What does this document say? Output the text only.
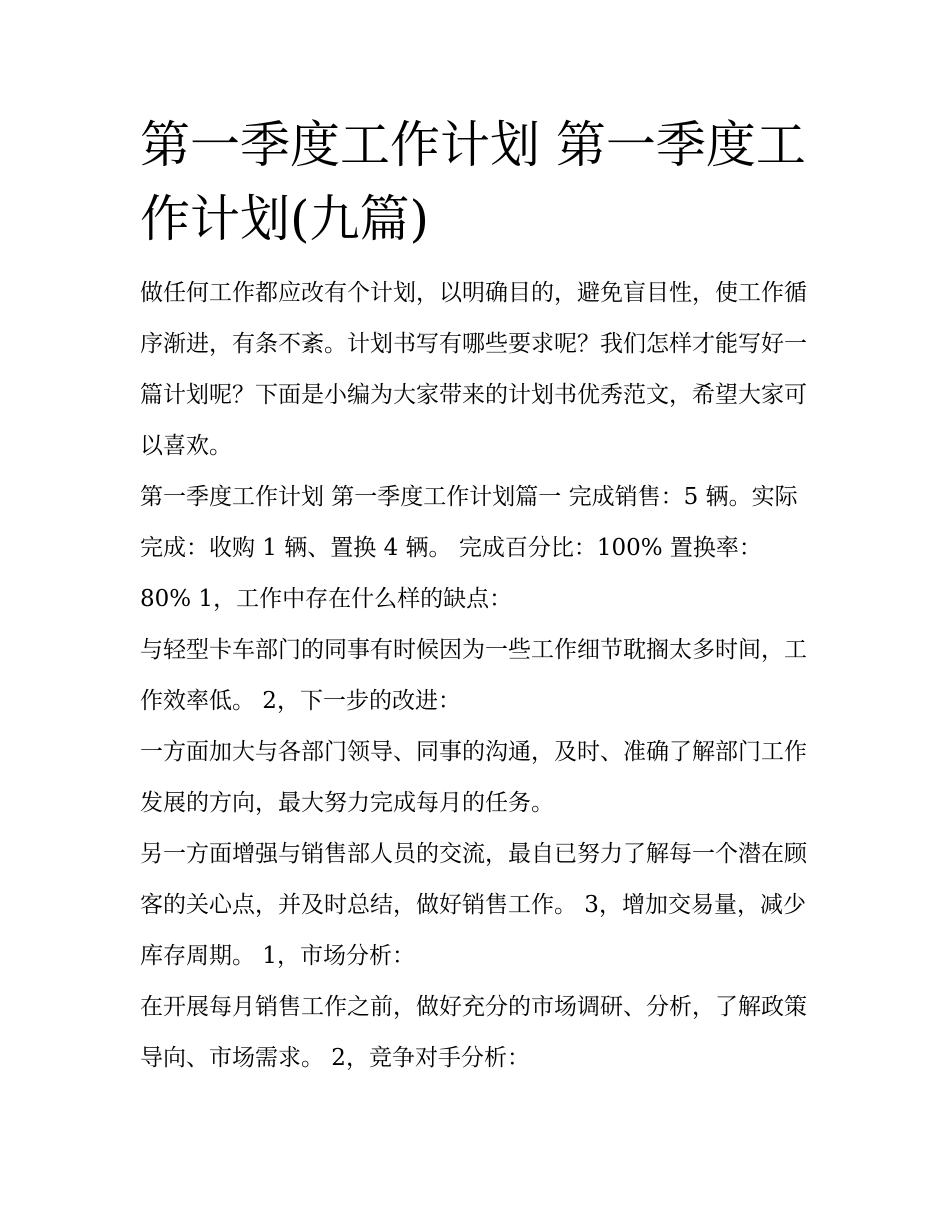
第一季度工作计划 第一季度工作计划(九篇)

做任何工作都应改有个计划，以明确目的，避免盲目性，使工作循序渐进，有条不紊。计划书写有哪些要求呢？我们怎样才能写好一篇计划呢？下面是小编为大家带来的计划书优秀范文，希望大家可以喜欢。

第一季度工作计划 第一季度工作计划篇一 完成销售：5 辆。实际完成：收购 1 辆、置换 4 辆。 完成百分比：100% 置换率：80% 1，工作中存在什么样的缺点：

与轻型卡车部门的同事有时候因为一些工作细节耽搁太多时间，工作效率低。 2，下一步的改进：

一方面加大与各部门领导、同事的沟通，及时、准确了解部门工作发展的方向，最大努力完成每月的任务。

另一方面增强与销售部人员的交流，最自已努力了解每一个潜在顾客的关心点，并及时总结，做好销售工作。 3，增加交易量，减少库存周期。 1，市场分析：

在开展每月销售工作之前，做好充分的市场调研、分析，了解政策导向、市场需求。 2，竞争对手分析：
